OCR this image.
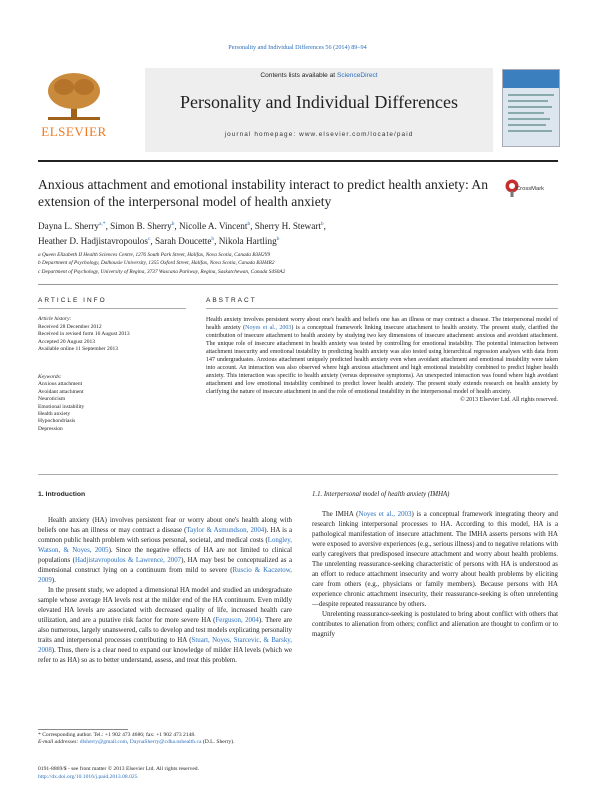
Personality and Individual Differences 56 (2014) 89–94
ELSEVIER
Contents lists available at ScienceDirect
Personality and Individual Differences
journal homepage: www.elsevier.com/locate/paid
Anxious attachment and emotional instability interact to predict health anxiety: An extension of the interpersonal model of health anxiety
CrossMark
Dayna L. Sherry$^{a,*}$, Simon B. Sherry$^b$, Nicolle A. Vincent$^b$, Sherry H. Stewart$^b$,
Heather D. Hadjistavropoulos$^c$, Sarah Doucette$^b$, Nikola Hartling$^b$
a Queen Elizabeth II Health Sciences Centre, 1276 South Park Street, Halifax, Nova Scotia, Canada B3H2Y9
b Department of Psychology, Dalhousie University, 1355 Oxford Street, Halifax, Nova Scotia, Canada B3H4R2
c Department of Psychology, University of Regina, 3737 Wascana Parkway, Regina, Saskatchewan, Canada S4S0A2
ARTICLE INFO	ABSTRACT
Article history:
Received 28 December 2012
Received in revised form 16 August 2013
Accepted 20 August 2013
Available online 11 September 2013
Keywords:
Anxious attachment
Avoidant attachment
Neuroticism
Emotional instability
Health anxiety
Hypochondriasis
Depression
Health anxiety involves persistent worry about one's health and beliefs one has an illness or may contract a disease. The interpersonal model of health anxiety (Noyes et al., 2003) is a conceptual framework linking insecure attachment to health anxiety. The present study, clarified the contribution of insecure attachment to health anxiety by studying two key dimensions of insecure attachment: anxious and avoidant attachment. The unique role of insecure attachment in health anxiety was tested by controlling for emotional instability. The potential interaction between attachment insecurity and emotional instability in predicting health anxiety was also tested using hierarchical regression analyses with data from 147 undergraduates. Anxious attachment uniquely predicted health anxiety even when avoidant attachment and emotional instability were taken into account. An interaction was also observed where high anxious attachment and high emotional instability combined to predict higher health anxiety. This interaction was specific to health anxiety (versus depressive symptoms). An unexpected interaction was found where high avoidant attachment and low emotional instability combined to predict lower health anxiety. The present study extends research on health anxiety by clarifying the nature of insecure attachment in and the role of emotional instability in the interpersonal model of health anxiety.
© 2013 Elsevier Ltd. All rights reserved.
1. Introduction

Health anxiety (HA) involves persistent fear or worry about one's health along with beliefs one has an illness or may contract a disease (Taylor & Asmundson, 2004). HA is a common public health problem with serious personal, societal, and medical costs (Longley, Watson, & Noyes, 2005). Since the negative effects of HA are not limited to clinical populations (Hadjistavropoulos & Lawrence, 2007), HA may best be conceptualized as a dimensional construct lying on a continuum from mild to severe (Ruscio & Kaczetow, 2009).

In the present study, we adopted a dimensional HA model and studied an undergraduate sample whose average HA levels rest at the milder end of the HA continuum. Even mildly elevated HA levels are associated with decreased quality of life, increased health care utilization, and are a putative risk factor for more severe HA (Ferguson, 2004). There are also numerous, largely unanswered, calls to develop and test models explicating personality traits and interpersonal processes contributing to HA (Stuart, Noyes, Starcevic, & Barsky, 2008). Thus, there is a clear need to expand our knowledge of milder HA levels (which we refer to as HA) so as to better understand, assess, and treat this problem.

1.1. Interpersonal model of health anxiety (IMHA)

The IMHA (Noyes et al., 2003) is a conceptual framework integrating theory and research linking interpersonal processes to HA. According to this model, HA is a pathological manifestation of insecure attachment. The IMHA asserts persons with HA were exposed to aversive experiences (e.g., serious illness) and to negative relations with early caregivers that predisposed insecure attachment and worry about health problems. The unrelenting reassurance-seeking characteristic of persons with HA is understood as an effort to reduce attachment insecurity and worry about health problems by eliciting care from others (e.g., physicians or family members). Because persons with HA experience chronic attachment insecurity, their reassurance-seeking is often unrelenting—despite repeated reassurance by others.

Unrelenting reassurance-seeking is postulated to bring about conflict with others that contributes to alienation from others; conflict and alienation are thought to confirm or to magnify

* Corresponding author. Tel.: +1 902 473 4686; fax: +1 902 473 2148.
E-mail addresses: dlsherry@gmail.com, DaynaSherry@cdha.nshealth.ca (D.L. Sherry).
0191-8869/$ - see front matter © 2013 Elsevier Ltd. All rights reserved.
http://dx.doi.org/10.1016/j.paid.2013.08.025
